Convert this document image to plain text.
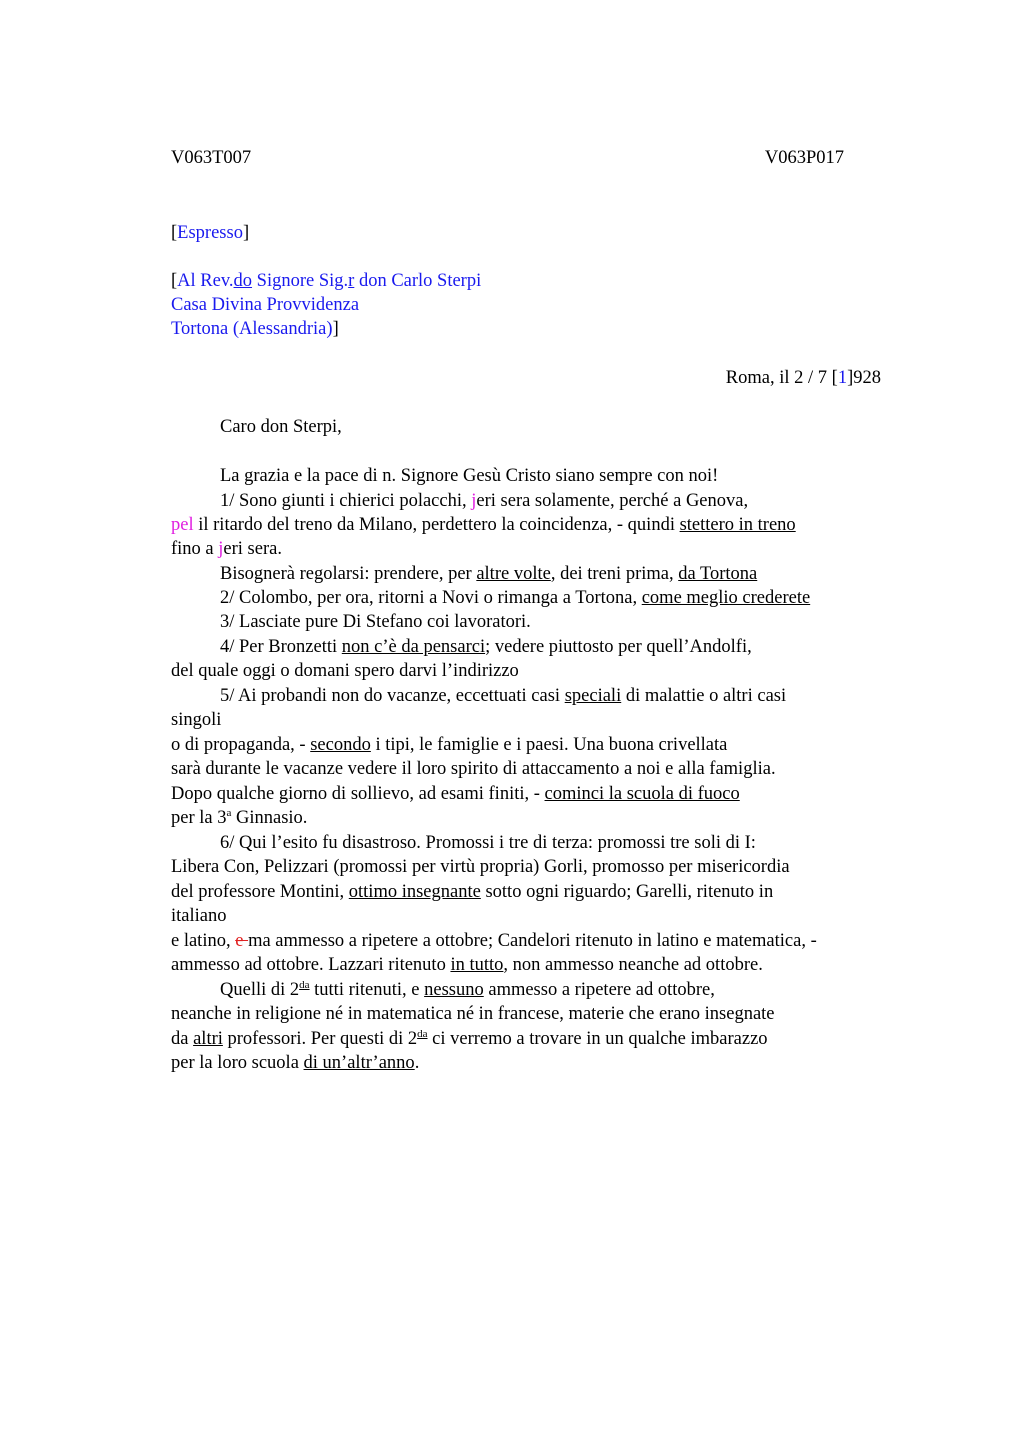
V063T007	V063P017
[Espresso]
[Al Rev.do Signore Sig.r don Carlo Sterpi
Casa Divina Provvidenza
Tortona (Alessandria)]
Roma, il 2 / 7 [1]928
Caro don Sterpi,
La grazia e la pace di n. Signore Gesù Cristo siano sempre con noi!
1/ Sono giunti i chierici polacchi, jeri sera solamente, perché a Genova,
pel il ritardo del treno da Milano, perdettero la coincidenza, - quindi stettero in treno
fino a jeri sera.
Bisognerà regolarsi: prendere, per altre volte, dei treni prima, da Tortona
2/ Colombo, per ora, ritorni a Novi o rimanga a Tortona, come meglio crederete
3/ Lasciate pure Di Stefano coi lavoratori.
4/ Per Bronzetti non c’è da pensarci; vedere piuttosto per quell’Andolfi,
del quale oggi o domani spero darvi l’indirizzo
5/ Ai probandi non do vacanze, eccettuati casi speciali di malattie o altri casi
singoli
o di propaganda, - secondo i tipi, le famiglie e i paesi. Una buona crivellata
sarà durante le vacanze vedere il loro spirito di attaccamento a noi e alla famiglia.
Dopo qualche giorno di sollievo, ad esami finiti, - cominci la scuola di fuoco
per la 3$^a$ Ginnasio.
6/ Qui l’esito fu disastroso. Promossi i tre di terza: promossi tre soli di I:
Libera Con, Pelizzari (promossi per virtù propria) Gorli, promosso per misericordia
del professore Montini, ottimo insegnante sotto ogni riguardo; Garelli, ritenuto in
italiano
e latino, e ma ammesso a ripetere a ottobre; Candelori ritenuto in latino e matematica, -
ammesso ad ottobre. Lazzari ritenuto in tutto, non ammesso neanche ad ottobre.
Quelli di $2^{da}$ tutti ritenuti, e nessuno ammesso a ripetere ad ottobre,
neanche in religione né in matematica né in francese, materie che erano insegnate
da altri professori. Per questi di $2^{da}$ ci verremo a trovare in un qualche imbarazzo
per la loro scuola di un’altr’anno.
